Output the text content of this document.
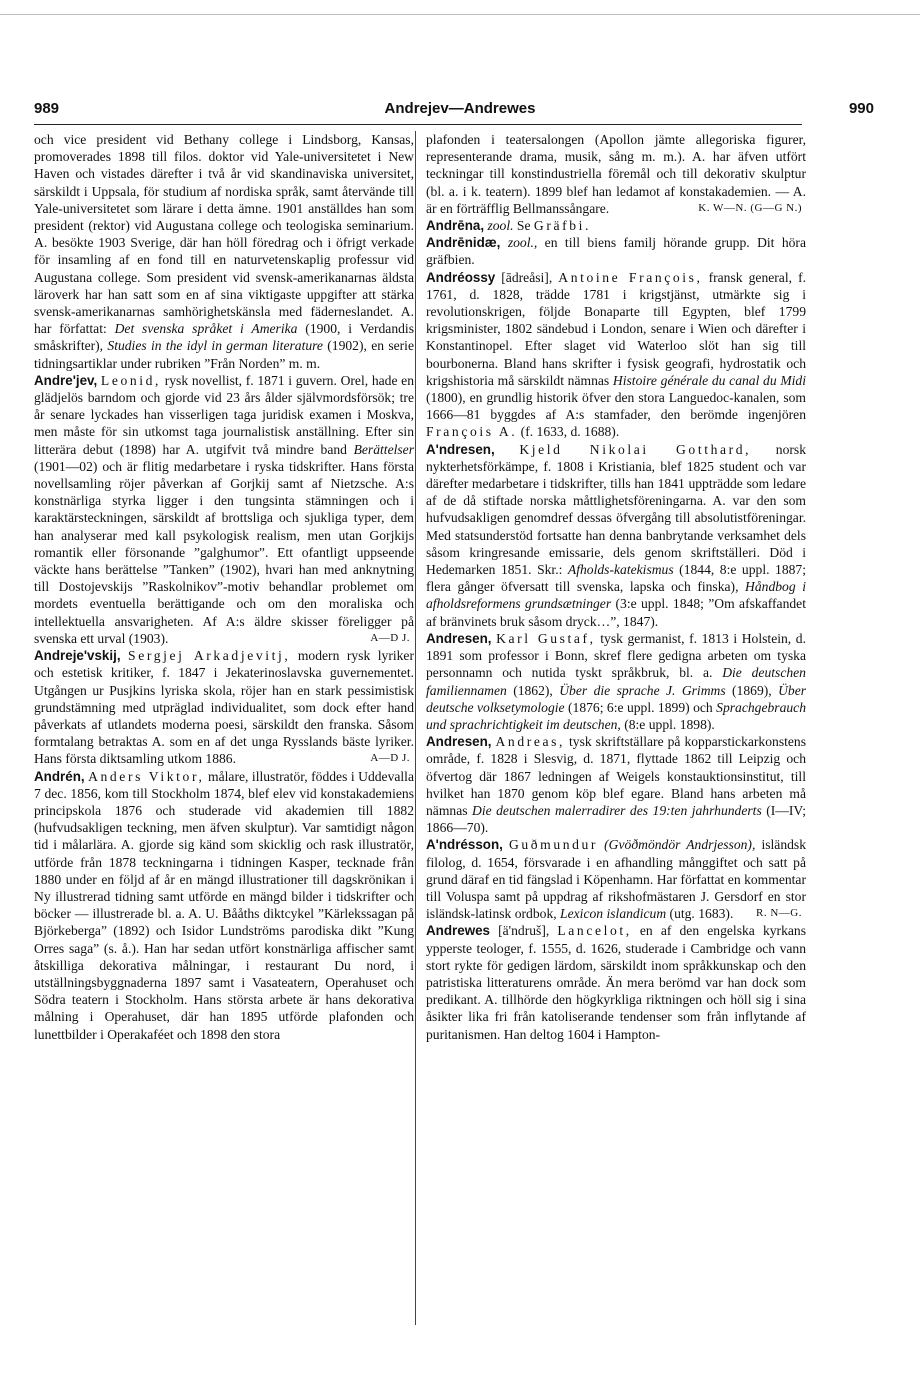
989	Andrejev—Andrewes	990

och vice president vid Bethany college i Lindsborg, Kansas, promoverades 1898 till filos. doktor vid Yale-universitetet i New Haven och vistades därefter i två år vid skandinaviska universitet, särskildt i Uppsala, för studium af nordiska språk, samt återvände till Yale-universitetet som lärare i detta ämne. 1901 anställdes han som president (rektor) vid Augustana college och teologiska seminarium. A. besökte 1903 Sverige, där han höll föredrag och i öfrigt verkade för insamling af en fond till en naturvetenskaplig professur vid Augustana college. Som president vid svensk-amerikanarnas äldsta läroverk har han satt som en af sina viktigaste uppgifter att stärka svensk-amerikanarnas samhörighetskänsla med fäderneslandet. A. har författat: Det svenska språket i Amerika (1900, i Verdandis småskrifter), Studies in the idyl in german literature (1902), en serie tidningsartiklar under rubriken ”Från Norden” m. m.

Andre'jev, Leonid, rysk novellist, f. 1871 i guvern. Orel, hade en glädjelös barndom och gjorde vid 23 års ålder självmordsförsök; tre år senare lyckades han visserligen taga juridisk examen i Moskva, men måste för sin utkomst taga journalistisk anställning. Efter sin litterära debut (1898) har A. utgifvit två mindre band Berättelser (1901—02) och är flitig medarbetare i ryska tidskrifter. Hans första novellsamling röjer påverkan af Gorjkij samt af Nietzsche. A:s konstnärliga styrka ligger i den tungsinta stämningen och i karaktärsteckningen, särskildt af brottsliga och sjukliga typer, dem han analyserar med kall psykologisk realism, men utan Gorjkijs romantik eller försonande ”galghumor”. Ett ofantligt uppseende väckte hans berättelse ”Tanken” (1902), hvari han med anknytning till Dostojevskijs ”Raskolnikov”-motiv behandlar problemet om mordets eventuella berättigande och om den moraliska och intellektuella ansvarigheten. Af A:s äldre skisser föreligger på svenska ett urval (1903).	A—D J.

Andreje'vskij, Sergjej Arkadjevitj, modern rysk lyriker och estetisk kritiker, f. 1847 i Jekaterinoslavska guvernementet. Utgången ur Pusjkins lyriska skola, röjer han en stark pessimistisk grundstämning med utpräglad individualitet, som dock efter hand påverkats af utlandets moderna poesi, särskildt den franska. Såsom formtalang betraktas A. som en af det unga Rysslands bäste lyriker. Hans första diktsamling utkom 1886.	A—D J.

Andrén, Anders Viktor, målare, illustratör, föddes i Uddevalla 7 dec. 1856, kom till Stockholm 1874, blef elev vid konstakademiens principskola 1876 och studerade vid akademien till 1882 (hufvudsakligen teckning, men äfven skulptur). Var samtidigt någon tid i målarlära. A. gjorde sig känd som skicklig och rask illustratör, utförde från 1878 teckningarna i tidningen Kasper, tecknade från 1880 under en följd af år en mängd illustrationer till dagskrönikan i Ny illustrerad tidning samt utförde en mängd bilder i tidskrifter och böcker — illustrerade bl. a. A. U. Bååths diktcykel ”Kärlekssagan på Björkeberga” (1892) och Isidor Lundströms parodiska dikt ”Kung Orres saga” (s. å.). Han har sedan utfört konstnärliga affischer samt åtskilliga dekorativa målningar, i restaurant Du nord, i utställningsbyggnaderna 1897 samt i Vasateatern, Operahuset och Södra teatern i Stockholm. Hans största arbete är hans dekorativa målning i Operahuset, där han 1895 utförde plafonden och lunettbilder i Operakaféet och 1898 den stora

plafonden i teatersalongen (Apollon jämte allegoriska figurer, representerande drama, musik, sång m. m.). A. har äfven utfört teckningar till konstindustriella föremål och till dekorativ skulptur (bl. a. i k. teatern). 1899 blef han ledamot af konstakademien. — A. är en förträfflig Bellmanssångare.	K. W—N. (G—G N.)

Andrēna, zool. Se Gräfbi.

Andrēnidæ, zool., en till biens familj hörande grupp. Dit höra gräfbien.

Andréossy [ādreåsi], Antoine François, fransk general, f. 1761, d. 1828, trädde 1781 i krigstjänst, utmärkte sig i revolutionskrigen, följde Bonaparte till Egypten, blef 1799 krigsminister, 1802 sändebud i London, senare i Wien och därefter i Konstantinopel. Efter slaget vid Waterloo slöt han sig till bourbonerna. Bland hans skrifter i fysisk geografi, hydrostatik och krigshistoria må särskildt nämnas Histoire générale du canal du Midi (1800), en grundlig historik öfver den stora Languedoc-kanalen, som 1666—81 byggdes af A:s stamfader, den berömde ingenjören François A. (f. 1633, d. 1688).

A'ndresen, Kjeld Nikolai Gotthard, norsk nykterhetsförkämpe, f. 1808 i Kristiania, blef 1825 student och var därefter medarbetare i tidskrifter, tills han 1841 uppträdde som ledare af de då stiftade norska måttlighetsföreningarna. A. var den som hufvudsakligen genomdref dessas öfvergång till absolutistföreningar. Med statsunderstöd fortsatte han denna banbrytande verksamhet dels såsom kringresande emissarie, dels genom skriftställeri. Död i Hedemarken 1851. Skr.: Afholds-katekismus (1844, 8:e uppl. 1887; flera gånger öfversatt till svenska, lapska och finska), Håndbog i afholdsreformens grundsætninger (3:e uppl. 1848; ”Om afskaffandet af bränvinets bruk såsom dryck…”, 1847).

Andresen, Karl Gustaf, tysk germanist, f. 1813 i Holstein, d. 1891 som professor i Bonn, skref flere gedigna arbeten om tyska personnamn och nutida tyskt språkbruk, bl. a. Die deutschen familiennamen (1862), Über die sprache J. Grimms (1869), Über deutsche volksetymologie (1876; 6:e uppl. 1899) och Sprachgebrauch und sprachrichtigkeit im deutschen, (8:e uppl. 1898).

Andresen, Andreas, tysk skriftställare på kopparstickarkonstens område, f. 1828 i Slesvig, d. 1871, flyttade 1862 till Leipzig och öfvertog där 1867 ledningen af Weigels konstauktionsinstitut, till hvilket han 1870 genom köp blef egare. Bland hans arbeten må nämnas Die deutschen malerradirer des 19:ten jahrhunderts (I—IV; 1866—70).

A'ndrésson, Guðmundur (Gvöðmöndör Andrjesson), isländsk filolog, d. 1654, försvarade i en afhandling månggiftet och satt på grund däraf en tid fängslad i Köpenhamn. Har författat en kommentar till Voluspa samt på uppdrag af rikshofmästaren J. Gersdorf en stor isländsk-latinsk ordbok, Lexicon islandicum (utg. 1683). R. N—G.

Andrewes [ä'ndruš], Lancelot, en af den engelska kyrkans ypperste teologer, f. 1555, d. 1626, studerade i Cambridge och vann stort rykte för gedigen lärdom, särskildt inom språkkunskap och den patristiska litteraturens område. Än mera berömd var han dock som predikant. A. tillhörde den högkyrkliga riktningen och höll sig i sina åsikter lika fri från katoliserande tendenser som från inflytande af puritanismen. Han deltog 1604 i Hampton-
